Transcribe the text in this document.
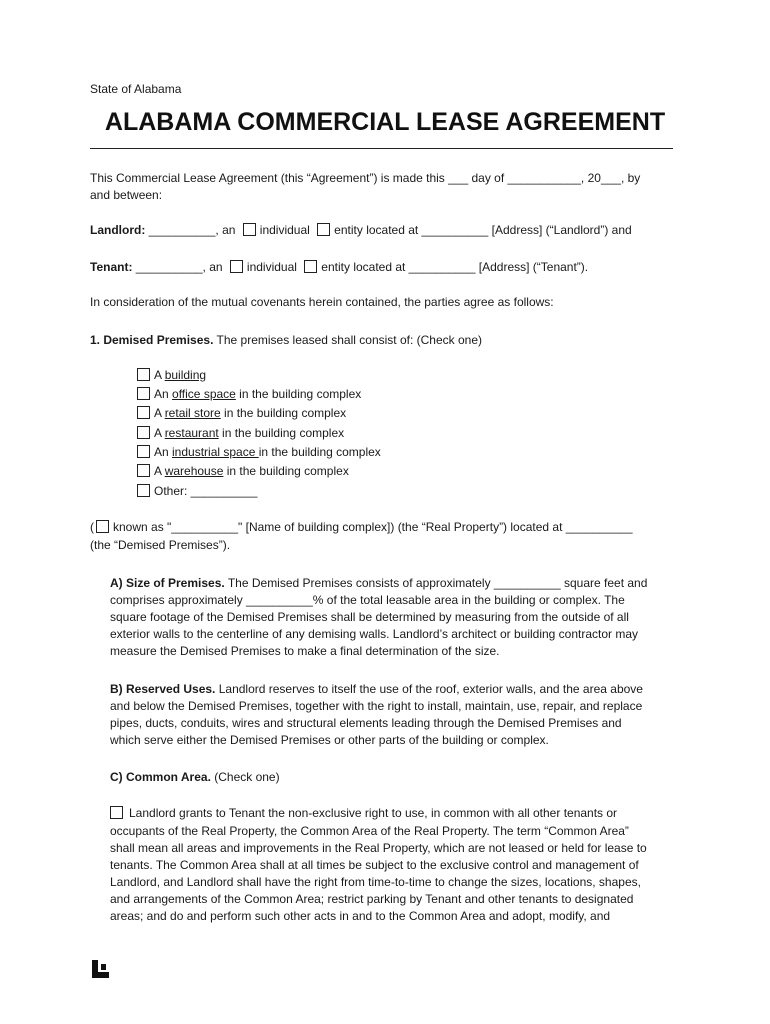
State of Alabama
ALABAMA COMMERCIAL LEASE AGREEMENT
This Commercial Lease Agreement (this “Agreement”) is made this ___ day of ___________, 20___, by
and between:
Landlord: __________, an individual entity located at __________ [Address] (“Landlord”) and
Tenant: __________, an individual entity located at __________ [Address] (“Tenant”).
In consideration of the mutual covenants herein contained, the parties agree as follows:
1. Demised Premises. The premises leased shall consist of: (Check one)
A building
An office space in the building complex
A retail store in the building complex
A restaurant in the building complex
An industrial space in the building complex
A warehouse in the building complex
Other: __________
( known as "__________" [Name of building complex]) (the “Real Property”) located at __________
(the “Demised Premises”).
A) Size of Premises. The Demised Premises consists of approximately __________ square feet and
comprises approximately __________% of the total leasable area in the building or complex. The
square footage of the Demised Premises shall be determined by measuring from the outside of all
exterior walls to the centerline of any demising walls. Landlord’s architect or building contractor may
measure the Demised Premises to make a final determination of the size.
B) Reserved Uses. Landlord reserves to itself the use of the roof, exterior walls, and the area above
and below the Demised Premises, together with the right to install, maintain, use, repair, and replace
pipes, ducts, conduits, wires and structural elements leading through the Demised Premises and
which serve either the Demised Premises or other parts of the building or complex.
C) Common Area. (Check one)
Landlord grants to Tenant the non-exclusive right to use, in common with all other tenants or
occupants of the Real Property, the Common Area of the Real Property. The term “Common Area”
shall mean all areas and improvements in the Real Property, which are not leased or held for lease to
tenants. The Common Area shall at all times be subject to the exclusive control and management of
Landlord, and Landlord shall have the right from time-to-time to change the sizes, locations, shapes,
and arrangements of the Common Area; restrict parking by Tenant and other tenants to designated
areas; and do and perform such other acts in and to the Common Area and adopt, modify, and
